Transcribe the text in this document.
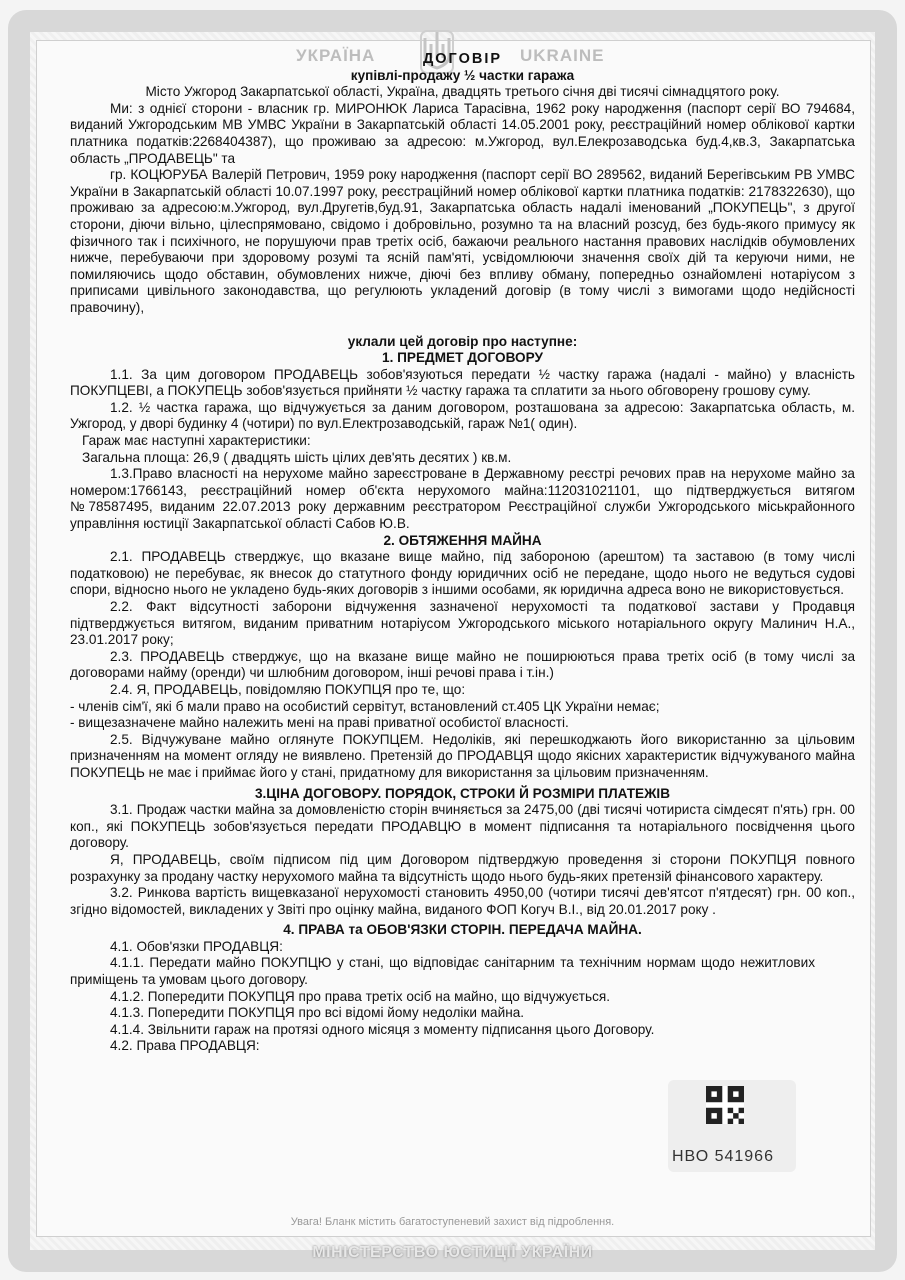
УКРАЇНА	UKRAINE

ДОГОВІР

купівлі-продажу ½ частки гаража

Місто Ужгород Закарпатської області, Україна, двадцять третього січня дві тисячі сімнадцятого року.

Ми: з однієї сторони - власник гр. МИРОНЮК Лариса Тарасівна, 1962 року народження (паспорт серії ВО 794684, виданий Ужгородським МВ УМВС України в Закарпатській області 14.05.2001 року, реєстраційний номер облікової картки платника податків:2268404387), що проживаю за адресою: м.Ужгород, вул.Елекрозаводська буд.4,кв.3, Закарпатська область „ПРОДАВЕЦЬ" та

гр. КОЦЮРУБА Валерій Петрович, 1959 року народження (паспорт серії ВО 289562, виданий Берегівським РВ УМВС України в Закарпатській області 10.07.1997 року, реєстраційний номер облікової картки платника податків: 2178322630), що проживаю за адресою:м.Ужгород, вул.Другетів,буд.91, Закарпатська область надалі іменований „ПОКУПЕЦЬ", з другої сторони, діючи вільно, цілеспрямовано, свідомо і добровільно, розумно та на власний розсуд, без будь-якого примусу як фізичного так і психічного, не порушуючи прав третіх осіб, бажаючи реального настання правових наслідків обумовлених нижче, перебуваючи при здоровому розумі та ясній пам'яті, усвідомлюючи значення своїх дій та керуючи ними, не помиляючись щодо обставин, обумовлених нижче, діючі без впливу обману, попередньо ознайомлені нотаріусом з приписами цивільного законодавства, що регулюють укладений договір (в тому числі з вимогами щодо недійсності правочину),

уклали цей договір про наступне:

1. ПРЕДМЕТ ДОГОВОРУ

1.1. За цим договором ПРОДАВЕЦЬ зобов'язуються передати ½ частку гаража (надалі - майно) у власність ПОКУПЦЕВІ, а ПОКУПЕЦЬ зобов'язується прийняти ½ частку гаража та сплатити за нього обговорену грошову суму.

1.2. ½ частка гаража, що відчужується за даним договором, розташована за адресою: Закарпатська область, м. Ужгород, у дворі будинку 4 (чотири) по вул.Електрозаводській, гараж №1( один).

Гараж має наступні характеристики:

Загальна площа: 26,9 ( двадцять шість цілих дев'ять десятих ) кв.м.

1.3.Право власності на нерухоме майно зареєстроване в Державному реєстрі речових прав на нерухоме майно за номером:1766143, реєстраційний номер об'єкта нерухомого майна:112031021101, що підтверджується витягом №78587495, виданим 22.07.2013 року державним реєстратором Реєстраційної служби Ужгородського міськрайонного управління юстиції Закарпатської області Сабов Ю.В.

2. ОБТЯЖЕННЯ МАЙНА

2.1. ПРОДАВЕЦЬ стверджує, що вказане вище майно, під забороною (арештом) та заставою (в тому числі податковою) не перебуває, як внесок до статутного фонду юридичних осіб не передане, щодо нього не ведуться судові спори, відносно нього не укладено будь-яких договорів з іншими особами, як юридична адреса воно не використовується.

2.2. Факт відсутності заборони відчуження зазначеної нерухомості та податкової застави у Продавця підтверджується витягом, виданим приватним нотаріусом Ужгородського міського нотаріального округу Малинич Н.А., 23.01.2017 року;

2.3. ПРОДАВЕЦЬ стверджує, що на вказане вище майно не поширюються права третіх осіб (в тому числі за договорами найму (оренди) чи шлюбним договором, інші речові права і т.ін.)

2.4. Я, ПРОДАВЕЦЬ, повідомляю ПОКУПЦЯ про те, що:

- членів сім'ї, які б мали право на особистий сервітут, встановлений ст.405 ЦК України немає;

- вищезазначене майно належить мені на праві приватної особистої власності.

2.5. Відчужуване майно оглянуте ПОКУПЦЕМ. Недоліків, які перешкоджають його використанню за цільовим призначенням на момент огляду не виявлено. Претензій до ПРОДАВЦЯ щодо якісних характеристик відчужуваного майна ПОКУПЕЦЬ не має і приймає його у стані, придатному для використання за цільовим призначенням.

3.ЦІНА ДОГОВОРУ. ПОРЯДОК, СТРОКИ Й РОЗМІРИ ПЛАТЕЖІВ

3.1. Продаж частки майна за домовленістю сторін вчиняється за 2475,00 (дві тисячі чотириста сімдесят п'ять) грн. 00 коп., які ПОКУПЕЦЬ зобов'язується передати ПРОДАВЦЮ в момент підписання та нотаріального посвідчення цього договору.

Я, ПРОДАВЕЦЬ, своїм підписом під цим Договором підтверджую проведення зі сторони ПОКУПЦЯ повного розрахунку за продану частку нерухомого майна та відсутність щодо нього будь-яких претензій фінансового характеру.

3.2. Ринкова вартість вищевказаної нерухомості становить 4950,00 (чотири тисячі дев'ятсот п'ятдесят) грн. 00 коп., згідно відомостей, викладених у Звіті про оцінку майна, виданого ФОП Когуч В.І., від 20.01.2017 року .

4. ПРАВА та ОБОВ'ЯЗКИ СТОРІН. ПЕРЕДАЧА МАЙНА.

4.1. Обов'язки ПРОДАВЦЯ:

4.1.1. Передати майно ПОКУПЦЮ у стані, що відповідає санітарним та технічним нормам щодо нежитлових приміщень та умовам цього договору.

4.1.2. Попередити ПОКУПЦЯ про права третіх осіб на майно, що відчужується.

4.1.3. Попередити ПОКУПЦЯ про всі відомі йому недоліки майна.

4.1.4. Звільнити гараж на протязі одного місяця з моменту підписання цього Договору.

4.2. Права ПРОДАВЦЯ:

НВО 541966
Увага! Бланк містить багатоступеневий захист від підроблення.
МІНІСТЕРСТВО ЮСТИЦІЇ УКРАЇНИ
